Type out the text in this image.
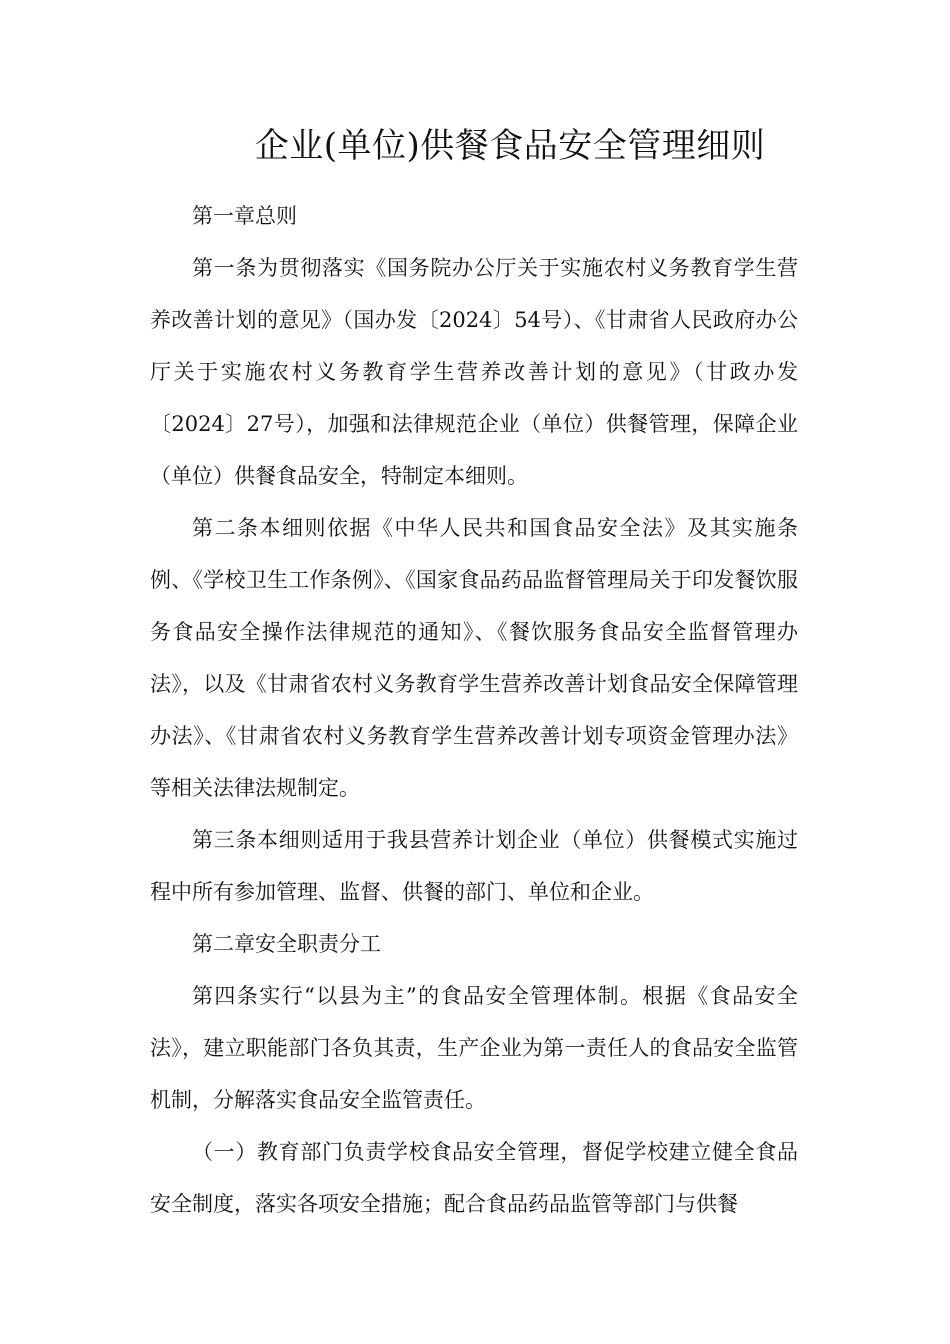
企业(单位)供餐食品安全管理细则

第一章总则

第一条为贯彻落实《国务院办公厅关于实施农村义务教育学生营养改善计划的意见》（国办发〔2024〕54号）、《甘肃省人民政府办公厅关于实施农村义务教育学生营养改善计划的意见》（甘政办发〔2024〕27号），加强和法律规范企业（单位）供餐管理，保障企业（单位）供餐食品安全，特制定本细则。

第二条本细则依据《中华人民共和国食品安全法》及其实施条例、《学校卫生工作条例》、《国家食品药品监督管理局关于印发餐饮服务食品安全操作法律规范的通知》、《餐饮服务食品安全监督管理办法》，以及《甘肃省农村义务教育学生营养改善计划食品安全保障管理办法》、《甘肃省农村义务教育学生营养改善计划专项资金管理办法》等相关法律法规制定。

第三条本细则适用于我县营养计划企业（单位）供餐模式实施过程中所有参加管理、监督、供餐的部门、单位和企业。

第二章安全职责分工

第四条实行“以县为主”的食品安全管理体制。根据《食品安全法》，建立职能部门各负其责，生产企业为第一责任人的食品安全监管机制，分解落实食品安全监管责任。

（一）教育部门负责学校食品安全管理，督促学校建立健全食品安全制度，落实各项安全措施；配合食品药品监管等部门与供餐
